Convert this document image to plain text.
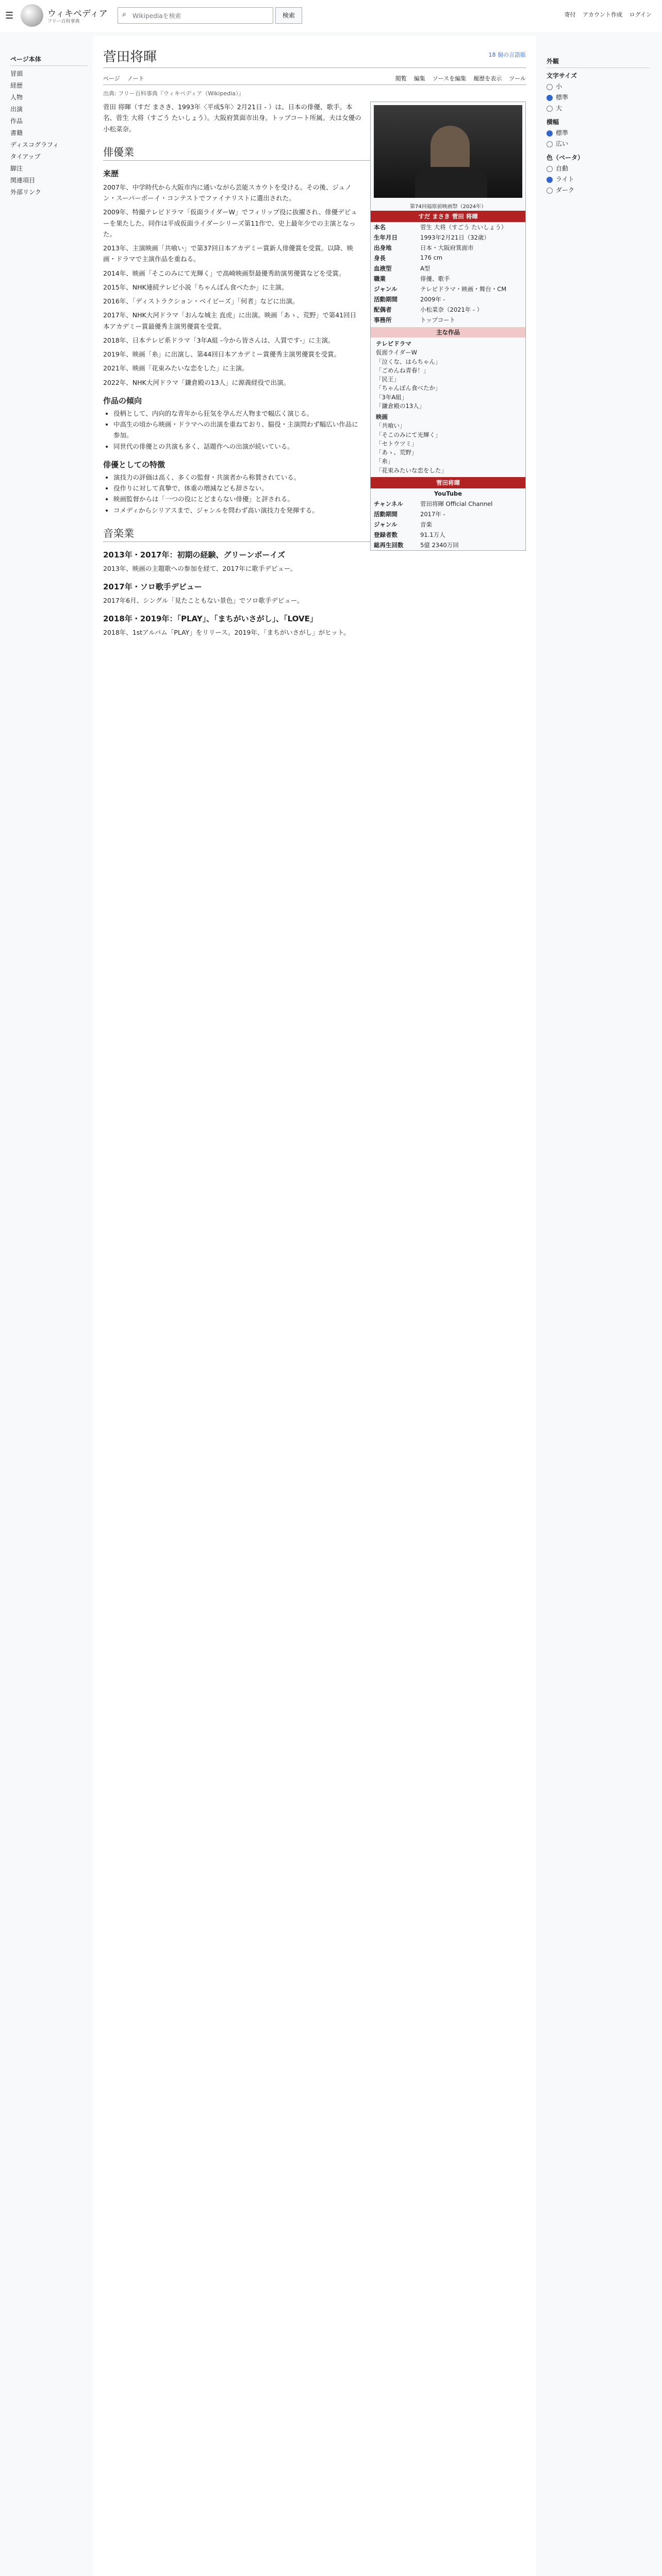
☰	ウィキペディア
フリー百科事典
⌕ Wikipediaを検索	検索	寄付 アカウント作成 ログイン
ページ本体
冒頭
経歴
人物
出演
作品
書籍
ディスコグラフィ
タイアップ
脚注
関連項目
外部リンク
菅田将暉	18 個の言語版
ページ ノート	閲覧 編集 ソースを編集 履歴を表示 ツール
出典: フリー百科事典『ウィキペディア（Wikipedia）』
第74回福原前映画祭（2024年）
すだ まさき 菅田 将暉
本名	菅生 大将（すごう たいしょう）
生年月日	1993年2月21日（32歳）
出身地	日本・大阪府箕面市
身長	176 cm
血液型	A型
職業	俳優、歌手
ジャンル	テレビドラマ・映画・舞台・CM
活動期間	2009年 -
配偶者	小松菜奈（2021年 - ）
事務所	トップコート
主な作品
テレビドラマ
仮面ライダーW
「泣くな、はらちゃん」
「ごめんね青春！」
「民王」
「ちゃんぽん食べたか」
「3年A組」
「鎌倉殿の13人」
映画
「共喰い」
「そこのみにて光輝く」
「セトウツミ」
「あゝ、荒野」
「糸」
「花束みたいな恋をした」
菅田将暉
YouTube
チャンネル	菅田将暉 Official Channel
活動期間	2017年 -
ジャンル	音楽
登録者数	91.1万人
総再生回数	5億 2340万回

菅田 将暉（すだ まさき、1993年〈平成5年〉2月21日 - ）は、日本の俳優、歌手。本名、菅生 大将（すごう たいしょう）。大阪府箕面市出身。トップコート所属。夫は女優の小松菜奈。

俳優業
来歴

2007年、中学時代から大阪市内に通いながら芸能スカウトを受ける。その後、ジュノン・スーパーボーイ・コンテストでファイナリストに選出された。

2009年、特撮テレビドラマ「仮面ライダーW」でフィリップ役に抜擢され、俳優デビューを果たした。同作は平成仮面ライダーシリーズ第11作で、史上最年少での主演となった。

2013年、主演映画「共喰い」で第37回日本アカデミー賞新人俳優賞を受賞。以降、映画・ドラマで主演作品を重ねる。

2014年、映画「そこのみにて光輝く」で高崎映画祭最優秀助演男優賞などを受賞。

2015年、NHK連続テレビ小説「ちゃんぽん食べたか」に主演。

2016年、「ディストラクション・ベイビーズ」「何者」などに出演。

2017年、NHK大河ドラマ「おんな城主 直虎」に出演。映画「あゝ、荒野」で第41回日本アカデミー賞最優秀主演男優賞を受賞。

2018年、日本テレビ系ドラマ「3年A組 -今から皆さんは、人質です-」に主演。

2019年、映画「糸」に出演し、第44回日本アカデミー賞優秀主演男優賞を受賞。

2021年、映画「花束みたいな恋をした」に主演。

2022年、NHK大河ドラマ「鎌倉殿の13人」に源義経役で出演。

作品の傾向
• 役柄として、内向的な青年から狂気を孕んだ人物まで幅広く演じる。
• 中高生の頃から映画・ドラマへの出演を重ねており、脇役・主演問わず幅広い作品に参加。
• 同世代の俳優との共演も多く、話題作への出演が続いている。
俳優としての特徴
• 演技力の評価は高く、多くの監督・共演者から称賛されている。
• 役作りに対して真摯で、体重の増減なども辞さない。
• 映画監督からは「一つの役にとどまらない俳優」と評される。
• コメディからシリアスまで、ジャンルを問わず高い演技力を発揮する。
音楽業
2013年・2017年：初期の経験、グリーンボーイズ

2013年、映画の主題歌への参加を経て、2017年に歌手デビュー。

2017年・ソロ歌手デビュー

2017年6月、シングル「見たこともない景色」でソロ歌手デビュー。

2018年・2019年：「PLAY」、「まちがいさがし」、「LOVE」

2018年、1stアルバム「PLAY」をリリース。2019年、「まちがいさがし」がヒット。

外観
文字サイズ
小
標準
大
横幅
標準
広い
色（ベータ）
自動
ライト
ダーク
